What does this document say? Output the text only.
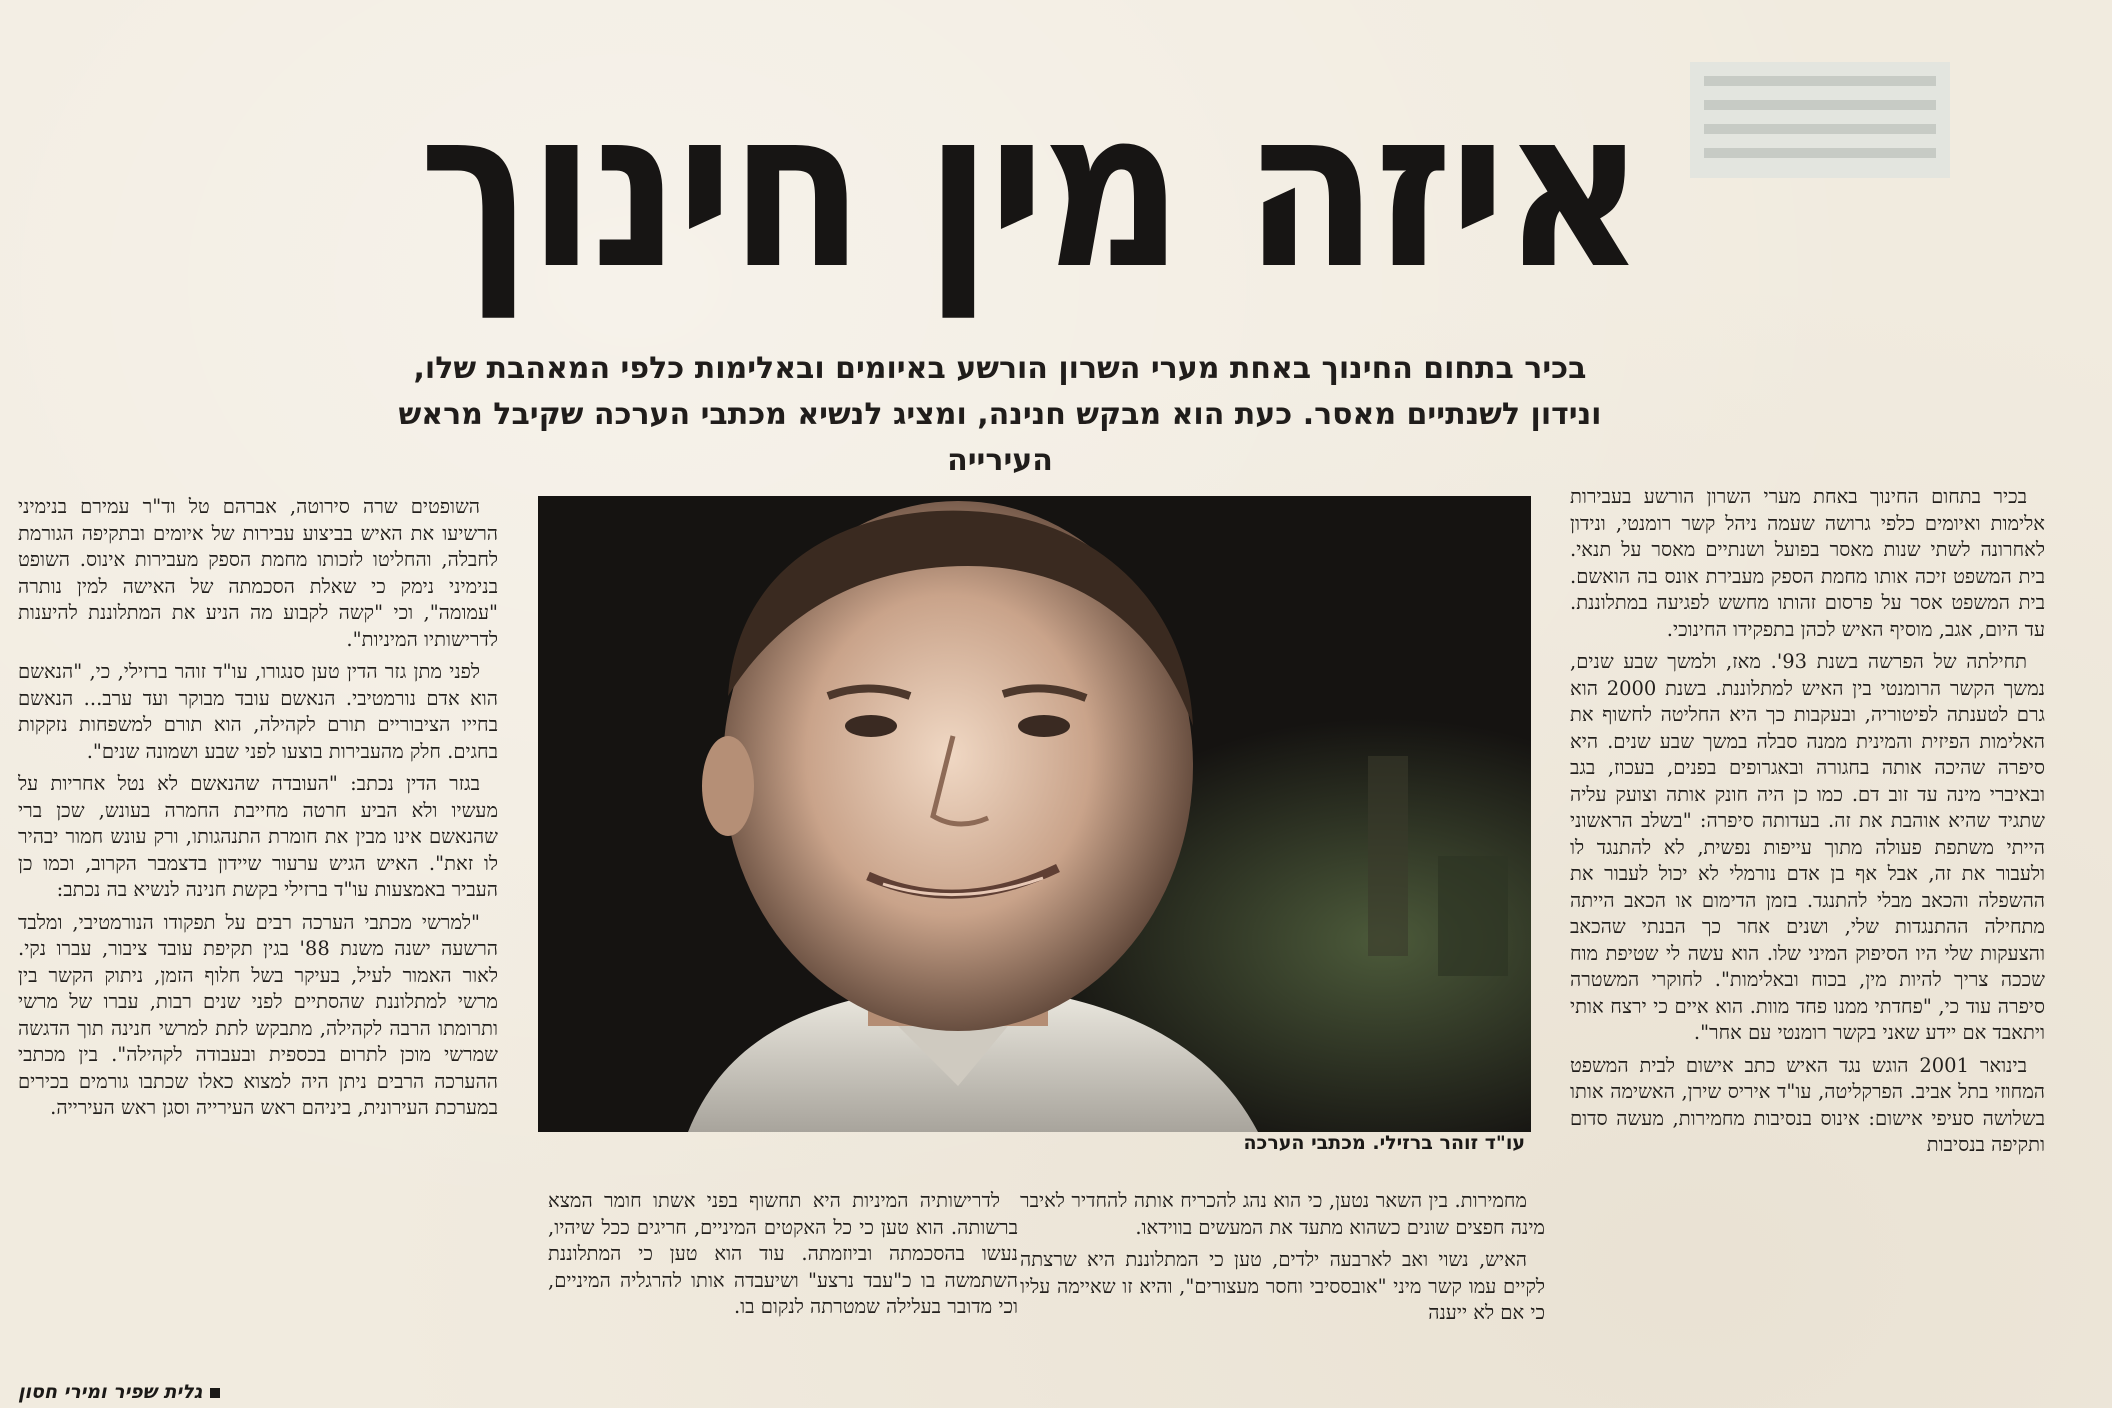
איזה מין חינוך
בכיר בתחום החינוך באחת מערי השרון הורשע באיומים ובאלימות כלפי המאהבת שלו,
ונידון לשנתיים מאסר. כעת הוא מבקש חנינה, ומציג לנשיא מכתבי הערכה שקיבל מראש העירייה

בכיר בתחום החינוך באחת מערי השרון הורשע בעבירות אלימות ואיומים כלפי גרושה שעמה ניהל קשר רומנטי, ונידון לאחרונה לשתי שנות מאסר בפועל ושנתיים מאסר על תנאי. בית המשפט זיכה אותו מחמת הספק מעבירת אונס בה הואשם. בית המשפט אסר על פרסום זהותו מחשש לפגיעה במתלוננת. עד היום, אגב, מוסיף האיש לכהן בתפקידו החינוכי.

תחילתה של הפרשה בשנת 93'. מאז, ולמשך שבע שנים, נמשך הקשר הרומנטי בין האיש למתלוננת. בשנת 2000 הוא גרם לטענתה לפיטוריה, ובעקבות כך היא החליטה לחשוף את האלימות הפיזית והמינית ממנה סבלה במשך שבע שנים. היא סיפרה שהיכה אותה בחגורה ובאגרופים בפנים, בעכוז, בגב ובאיברי מינה עד זוב דם. כמו כן היה חונק אותה וצועק עליה שתגיד שהיא אוהבת את זה. בעדותה סיפרה: "בשלב הראשוני הייתי משתפת פעולה מתוך עייפות נפשית, לא להתנגד לו ולעבור את זה, אבל אף בן אדם נורמלי לא יכול לעבור את ההשפלה והכאב מבלי להתנגד. בזמן הדימום או הכאב הייתה מתחילה ההתנגדות שלי, ושנים אחר כך הבנתי שהכאב והצעקות שלי היו הסיפוק המיני שלו. הוא עשה לי שטיפת מוח שככה צריך להיות מין, בכוח ובאלימות". לחוקרי המשטרה סיפרה עוד כי, "פחדתי ממנו פחד מוות. הוא איים כי ירצח אותי ויתאבד אם יידע שאני בקשר רומנטי עם אחר".

בינואר 2001 הוגש נגד האיש כתב אישום לבית המשפט המחוזי בתל אביב. הפרקליטה, עו"ד איריס שירן, האשימה אותו בשלושה סעיפי אישום: אינוס בנסיבות מחמירות, מעשה סדום ותקיפה בנסיבות

עו"ד זוהר ברזילי. מכתבי הערכה

מחמירות. בין השאר נטען, כי הוא נהג להכריח אותה להחדיר לאיבר מינה חפצים שונים כשהוא מתעד את המעשים בווידאו.

האיש, נשוי ואב לארבעה ילדים, טען כי המתלוננת היא שרצתה לקיים עמו קשר מיני "אובססיבי וחסר מעצורים", והיא זו שאיימה עליו כי אם לא ייענה

לדרישותיה המיניות היא תחשוף בפני אשתו חומר המצא ברשותה. הוא טען כי כל האקטים המיניים, חריגים ככל שיהיו, נעשו בהסכמתה וביוזמתה. עוד הוא טען כי המתלוננת השתמשה בו כ"עבד נרצע" ושיעבדה אותו להרגליה המיניים, וכי מדובר בעלילה שמטרתה לנקום בו.

השופטים שרה סירוטה, אברהם טל וד"ר עמירם בנימיני הרשיעו את האיש בביצוע עבירות של איומים ובתקיפה הגורמת לחבלה, והחליטו לזכותו מחמת הספק מעבירות אינוס. השופט בנימיני נימק כי שאלת הסכמתה של האישה למין נותרה "עמומה", וכי "קשה לקבוע מה הניע את המתלוננת להיענות לדרישותיו המיניות".

לפני מתן גזר הדין טען סנגורו, עו"ד זוהר ברזילי, כי, "הנאשם הוא אדם נורמטיבי. הנאשם עובד מבוקר ועד ערב... הנאשם בחייו הציבוריים תורם לקהילה, הוא תורם למשפחות נזקקות בחגים. חלק מהעבירות בוצעו לפני שבע ושמונה שנים".

בגזר הדין נכתב: "העובדה שהנאשם לא נטל אחריות על מעשיו ולא הביע חרטה מחייבת החמרה בעונש, שכן ברי שהנאשם אינו מבין את חומרת התנהגותו, ורק עונש חמור יבהיר לו זאת". האיש הגיש ערעור שיידון בדצמבר הקרוב, וכמו כן העביר באמצעות עו"ד ברזילי בקשת חנינה לנשיא בה נכתב:

"למרשי מכתבי הערכה רבים על תפקודו הנורמטיבי, ומלבד הרשעה ישנה משנת 88' בגין תקיפת עובד ציבור, עברו נקי. לאור האמור לעיל, בעיקר בשל חלוף הזמן, ניתוק הקשר בין מרשי למתלוננת שהסתיים לפני שנים רבות, עברו של מרשי ותרומתו הרבה לקהילה, מתבקש לתת למרשי חנינה תוך הדגשה שמרשי מוכן לתרום בכספית ובעבודה לקהילה". בין מכתבי ההערכה הרבים ניתן היה למצוא כאלו שכתבו גורמים בכירים במערכת העירונית, ביניהם ראש העירייה וסגן ראש העירייה.

גלית שפיר ומירי חסון
